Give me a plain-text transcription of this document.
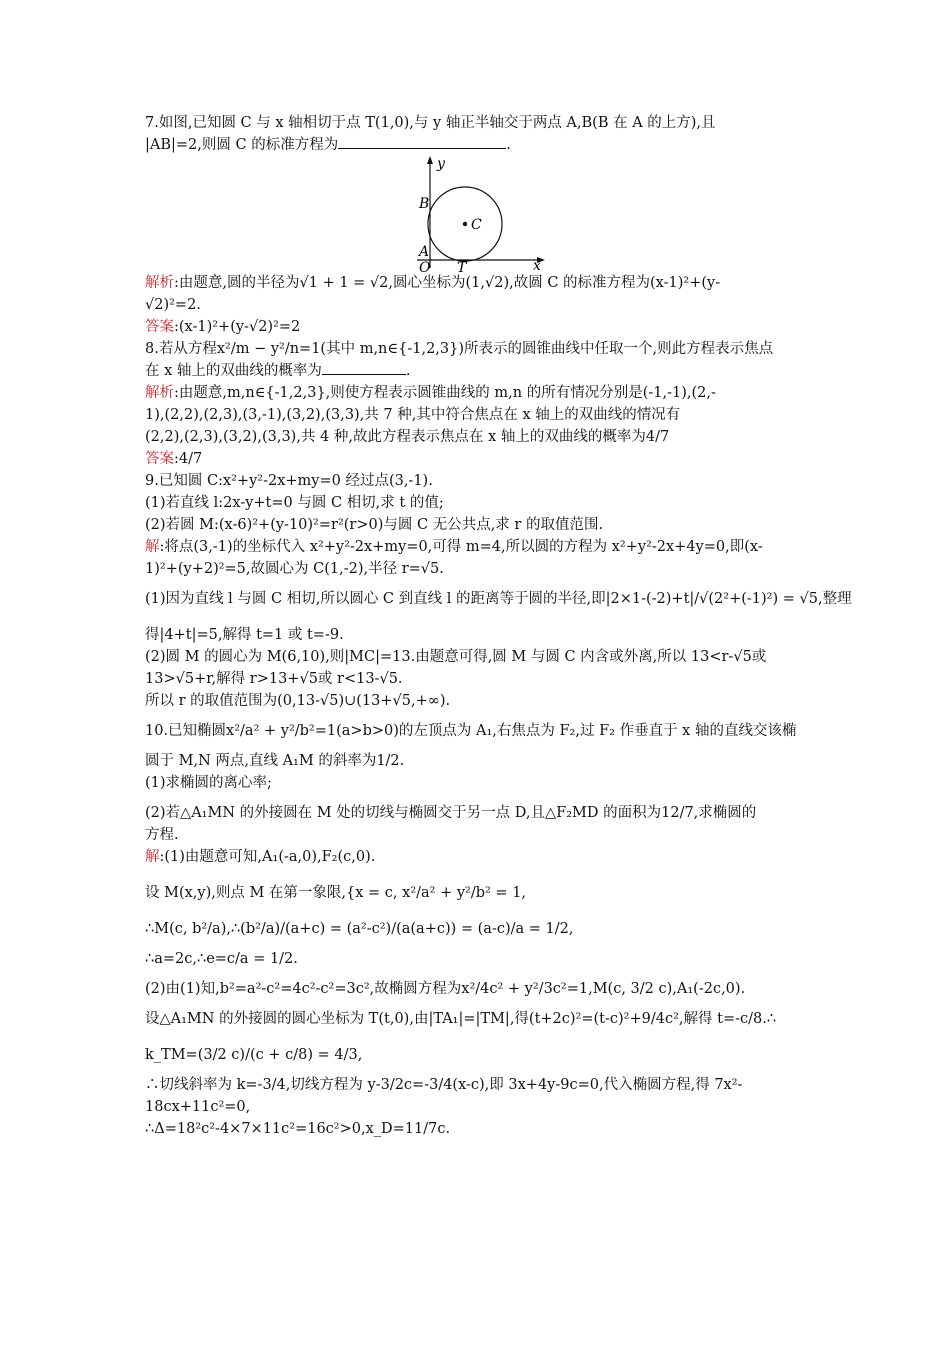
7.如图,已知圆 C 与 x 轴相切于点 T(1,0),与 y 轴正半轴交于两点 A,B(B 在 A 的上方),且
|AB|=2,则圆 C 的标准方程为	.
y
x
B
A
O T
C
解析:由题意,圆的半径为√1 + 1 = √2,圆心坐标为(1,√2),故圆 C 的标准方程为(x-1)²+(y-
√2)²=2.
答案:(x-1)²+(y-√2)²=2
8.若从方程x²/m − y²/n=1(其中 m,n∈{-1,2,3})所表示的圆锥曲线中任取一个,则此方程表示焦点
在 x 轴上的双曲线的概率为	.
解析:由题意,m,n∈{-1,2,3},则使方程表示圆锥曲线的 m,n 的所有情况分别是(-1,-1),(2,-
1),(2,2),(2,3),(3,-1),(3,2),(3,3),共 7 种,其中符合焦点在 x 轴上的双曲线的情况有
(2,2),(2,3),(3,2),(3,3),共 4 种,故此方程表示焦点在 x 轴上的双曲线的概率为4/7
答案:4/7
9.已知圆 C:x²+y²-2x+my=0 经过点(3,-1).
(1)若直线 l:2x-y+t=0 与圆 C 相切,求 t 的值;
(2)若圆 M:(x-6)²+(y-10)²=r²(r>0)与圆 C 无公共点,求 r 的取值范围.
解:将点(3,-1)的坐标代入 x²+y²-2x+my=0,可得 m=4,所以圆的方程为 x²+y²-2x+4y=0,即(x-
1)²+(y+2)²=5,故圆心为 C(1,-2),半径 r=√5.
(1)因为直线 l 与圆 C 相切,所以圆心 C 到直线 l 的距离等于圆的半径,即|2×1-(-2)+t|/√(2²+(-1)²) = √5,整理
得|4+t|=5,解得 t=1 或 t=-9.
(2)圆 M 的圆心为 M(6,10),则|MC|=13.由题意可得,圆 M 与圆 C 内含或外离,所以 13<r-√5或
13>√5+r,解得 r>13+√5或 r<13-√5.
所以 r 的取值范围为(0,13-√5)∪(13+√5,+∞).
10.已知椭圆x²/a² + y²/b²=1(a>b>0)的左顶点为 A₁,右焦点为 F₂,过 F₂ 作垂直于 x 轴的直线交该椭
圆于 M,N 两点,直线 A₁M 的斜率为1/2.
(1)求椭圆的离心率;
(2)若△A₁MN 的外接圆在 M 处的切线与椭圆交于另一点 D,且△F₂MD 的面积为12/7,求椭圆的
方程.
解:(1)由题意可知,A₁(-a,0),F₂(c,0).
设 M(x,y),则点 M 在第一象限,{x = c, x²/a² + y²/b² = 1,
∴M(c, b²/a),∴(b²/a)/(a+c) = (a²-c²)/(a(a+c)) = (a-c)/a = 1/2,
∴a=2c,∴e=c/a = 1/2.
(2)由(1)知,b²=a²-c²=4c²-c²=3c²,故椭圆方程为x²/4c² + y²/3c²=1,M(c, 3/2 c),A₁(-2c,0).
设△A₁MN 的外接圆的圆心坐标为 T(t,0),由|TA₁|=|TM|,得(t+2c)²=(t-c)²+9/4c²,解得 t=-c/8.∴
k_TM=(3/2 c)/(c + c/8) = 4/3,
∴切线斜率为 k=-3/4,切线方程为 y-3/2c=-3/4(x-c),即 3x+4y-9c=0,代入椭圆方程,得 7x²-
18cx+11c²=0,
∴Δ=18²c²-4×7×11c²=16c²>0,x_D=11/7c.
